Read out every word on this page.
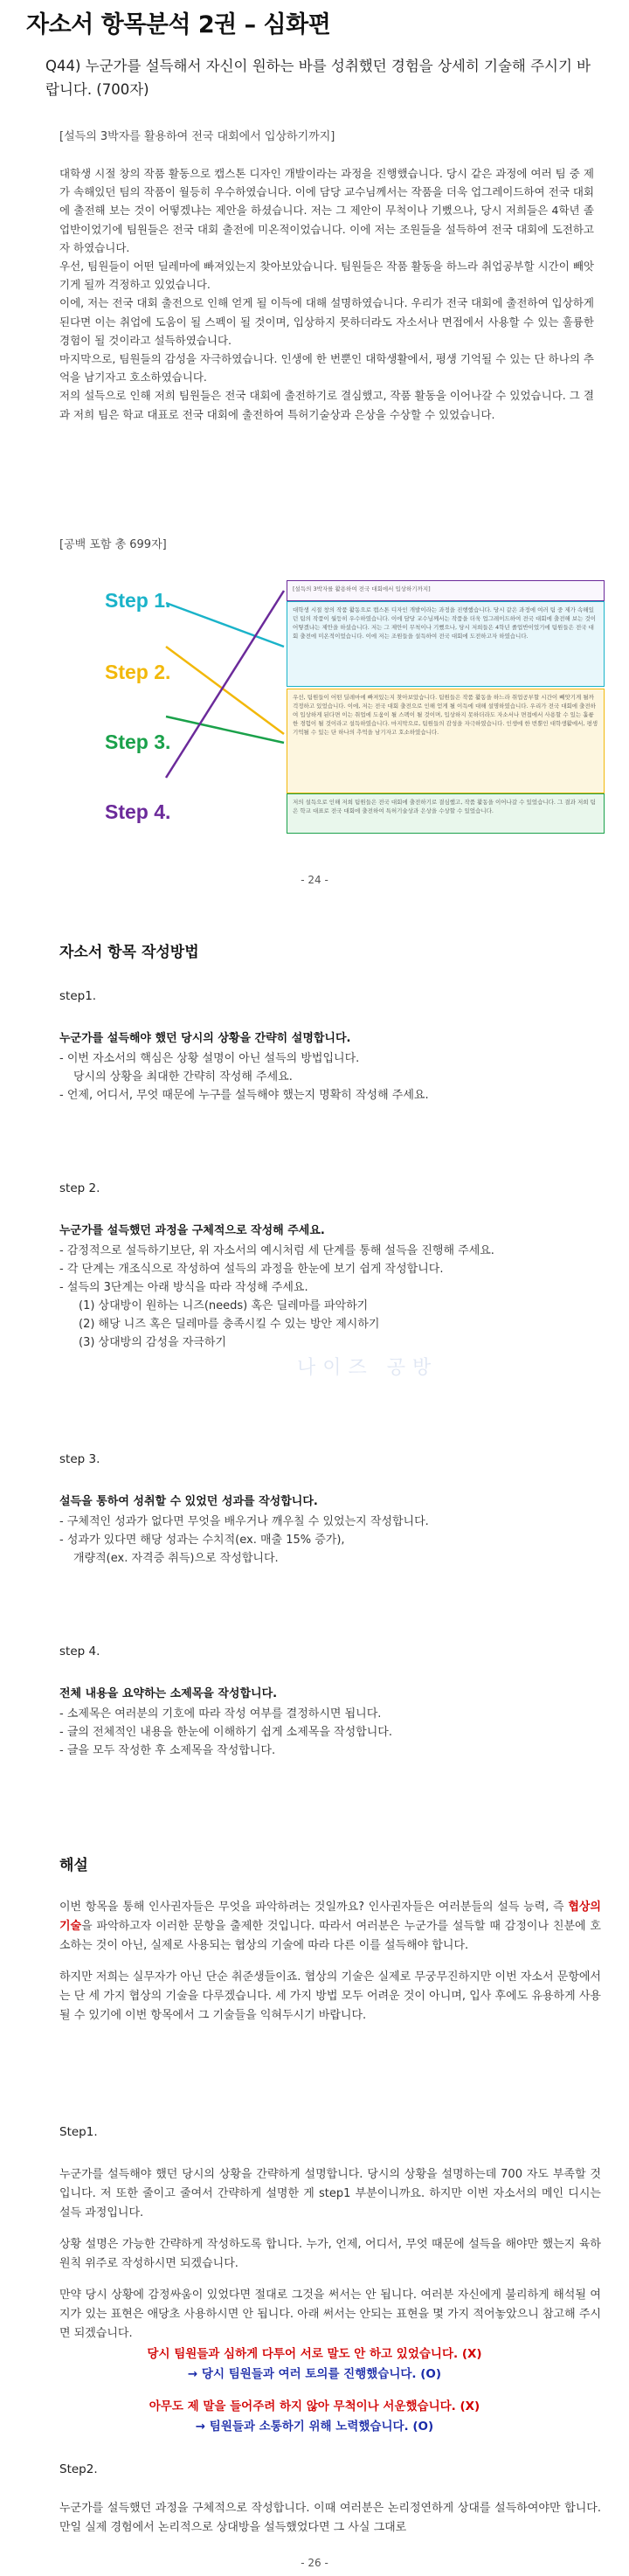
자소서 항목분석 2권 – 심화편
Q44) 누군가를 설득해서 자신이 원하는 바를 성취했던 경험을 상세히 기술해 주시기 바랍니다. (700자)
[설득의 3박자를 활용하여 전국 대회에서 입상하기까지]

대학생 시절 창의 작품 활동으로 캡스톤 디자인 개발이라는 과정을 진행했습니다. 당시 같은 과정에 여러 팀 중 제가 속해있던 팀의 작품이 월등히 우수하였습니다. 이에 담당 교수님께서는 작품을 더욱 업그레이드하여 전국 대회에 출전해 보는 것이 어떻겠냐는 제안을 하셨습니다. 저는 그 제안이 무척이나 기뻤으나, 당시 저희들은 4학년 졸업반이었기에 팀원들은 전국 대회 출전에 미온적이었습니다. 이에 저는 조원들을 설득하여 전국 대회에 도전하고자 하였습니다.

우선, 팀원들이 어떤 딜레마에 빠져있는지 찾아보았습니다. 팀원들은 작품 활동을 하느라 취업공부할 시간이 빼앗기게 될까 걱정하고 있었습니다.

이에, 저는 전국 대회 출전으로 인해 얻게 될 이득에 대해 설명하였습니다. 우리가 전국 대회에 출전하여 입상하게 된다면 이는 취업에 도움이 될 스펙이 될 것이며, 입상하지 못하더라도 자소서나 면접에서 사용할 수 있는 훌륭한 경험이 될 것이라고 설득하였습니다.

마지막으로, 팀원들의 감성을 자극하였습니다. 인생에 한 번뿐인 대학생활에서, 평생 기억될 수 있는 단 하나의 추억을 남기자고 호소하였습니다.

저의 설득으로 인해 저희 팀원들은 전국 대회에 출전하기로 결심했고, 작품 활동을 이어나갈 수 있었습니다. 그 결과 저희 팀은 학교 대표로 전국 대회에 출전하여 특허기술상과 은상을 수상할 수 있었습니다.

[공백 포함 총 699자]
Step 1.
Step 2.
Step 3.
Step 4.
[설득의 3박자를 활용하여 전국 대회에서 입상하기까지]
대학생 시절 창의 작품 활동으로 캡스톤 디자인 개발이라는 과정을 진행했습니다. 당시 같은 과정에 여러 팀 중 제가 속해있던 팀의 작품이 월등히 우수하였습니다. 이에 담당 교수님께서는 작품을 더욱 업그레이드하여 전국 대회에 출전해 보는 것이 어떻겠냐는 제안을 하셨습니다. 저는 그 제안이 무척이나 기뻤으나, 당시 저희들은 4학년 졸업반이었기에 팀원들은 전국 대회 출전에 미온적이었습니다. 이에 저는 조원들을 설득하여 전국 대회에 도전하고자 하였습니다.
우선, 팀원들이 어떤 딜레마에 빠져있는지 찾아보았습니다. 팀원들은 작품 활동을 하느라 취업공부할 시간이 빼앗기게 될까 걱정하고 있었습니다. 이에, 저는 전국 대회 출전으로 인해 얻게 될 이득에 대해 설명하였습니다. 우리가 전국 대회에 출전하여 입상하게 된다면 이는 취업에 도움이 될 스펙이 될 것이며, 입상하지 못하더라도 자소서나 면접에서 사용할 수 있는 훌륭한 경험이 될 것이라고 설득하였습니다. 마지막으로, 팀원들의 감성을 자극하였습니다. 인생에 한 번뿐인 대학생활에서, 평생 기억될 수 있는 단 하나의 추억을 남기자고 호소하였습니다.
저의 설득으로 인해 저희 팀원들은 전국 대회에 출전하기로 결심했고, 작품 활동을 이어나갈 수 있었습니다. 그 결과 저희 팀은 학교 대표로 전국 대회에 출전하여 특허기술상과 은상을 수상할 수 있었습니다.
- 24 -
자소서 항목 작성방법
step1.
누군가를 설득해야 했던 당시의 상황을 간략히 설명합니다.
- 이번 자소서의 핵심은 상황 설명이 아닌 설득의 방법입니다.
당시의 상황을 최대한 간략히 작성해 주세요.
- 언제, 어디서, 무엇 때문에 누구를 설득해야 했는지 명확히 작성해 주세요.
step 2.
누군가를 설득했던 과정을 구체적으로 작성해 주세요.
- 감정적으로 설득하기보단, 위 자소서의 예시처럼 세 단계를 통해 설득을 진행해 주세요.
- 각 단계는 개조식으로 작성하여 설득의 과정을 한눈에 보기 쉽게 작성합니다.
- 설득의 3단계는 아래 방식을 따라 작성해 주세요.
(1) 상대방이 원하는 니즈(needs) 혹은 딜레마를 파악하기
(2) 해당 니즈 혹은 딜레마를 충족시킬 수 있는 방안 제시하기
(3) 상대방의 감성을 자극하기
나이즈 공방
step 3.
설득을 통하여 성취할 수 있었던 성과를 작성합니다.
- 구체적인 성과가 없다면 무엇을 배우거나 깨우칠 수 있었는지 작성합니다.
- 성과가 있다면 해당 성과는 수치적(ex. 매출 15% 증가),
개량적(ex. 자격증 취득)으로 작성합니다.
step 4.
전체 내용을 요약하는 소제목을 작성합니다.
- 소제목은 여러분의 기호에 따라 작성 여부를 결정하시면 됩니다.
- 글의 전체적인 내용을 한눈에 이해하기 쉽게 소제목을 작성합니다.
- 글을 모두 작성한 후 소제목을 작성합니다.
해설

이번 항목을 통해 인사권자들은 무엇을 파악하려는 것일까요? 인사권자들은 여러분들의 설득 능력, 즉 협상의 기술을 파악하고자 이러한 문항을 출제한 것입니다. 따라서 여러분은 누군가를 설득할 때 감정이나 친분에 호소하는 것이 아닌, 실제로 사용되는 협상의 기술에 따라 다른 이를 설득해야 합니다.

하지만 저희는 실무자가 아닌 단순 취준생들이죠. 협상의 기술은 실제로 무궁무진하지만 이번 자소서 문항에서는 단 세 가지 협상의 기술을 다루겠습니다. 세 가지 방법 모두 어려운 것이 아니며, 입사 후에도 유용하게 사용될 수 있기에 이번 항목에서 그 기술들을 익혀두시기 바랍니다.

Step1.

누군가를 설득해야 했던 당시의 상황을 간략하게 설명합니다. 당시의 상황을 설명하는데 700 자도 부족할 것입니다. 저 또한 줄이고 줄여서 간략하게 설명한 게 step1 부분이니까요. 하지만 이번 자소서의 메인 디시는 설득 과정입니다.

상황 설명은 가능한 간략하게 작성하도록 합니다. 누가, 언제, 어디서, 무엇 때문에 설득을 해야만 했는지 육하원칙 위주로 작성하시면 되겠습니다.

만약 당시 상황에 감정싸움이 있었다면 절대로 그것을 써서는 안 됩니다. 여러분 자신에게 불리하게 해석될 여지가 있는 표현은 애당초 사용하시면 안 됩니다. 아래 써서는 안되는 표현을 몇 가지 적어놓았으니 참고해 주시면 되겠습니다.

당시 팀원들과 심하게 다투어 서로 말도 안 하고 있었습니다. (X)
→ 당시 팀원들과 여러 토의를 진행했습니다. (O)
아무도 제 말을 들어주려 하지 않아 무척이나 서운했습니다. (X)
→ 팀원들과 소통하기 위해 노력했습니다. (O)
Step2.

누군가를 설득했던 과정을 구체적으로 작성합니다. 이때 여러분은 논리정연하게 상대를 설득하여야만 합니다. 만일 실제 경험에서 논리적으로 상대방을 설득했었다면 그 사실 그대로

- 26 -
